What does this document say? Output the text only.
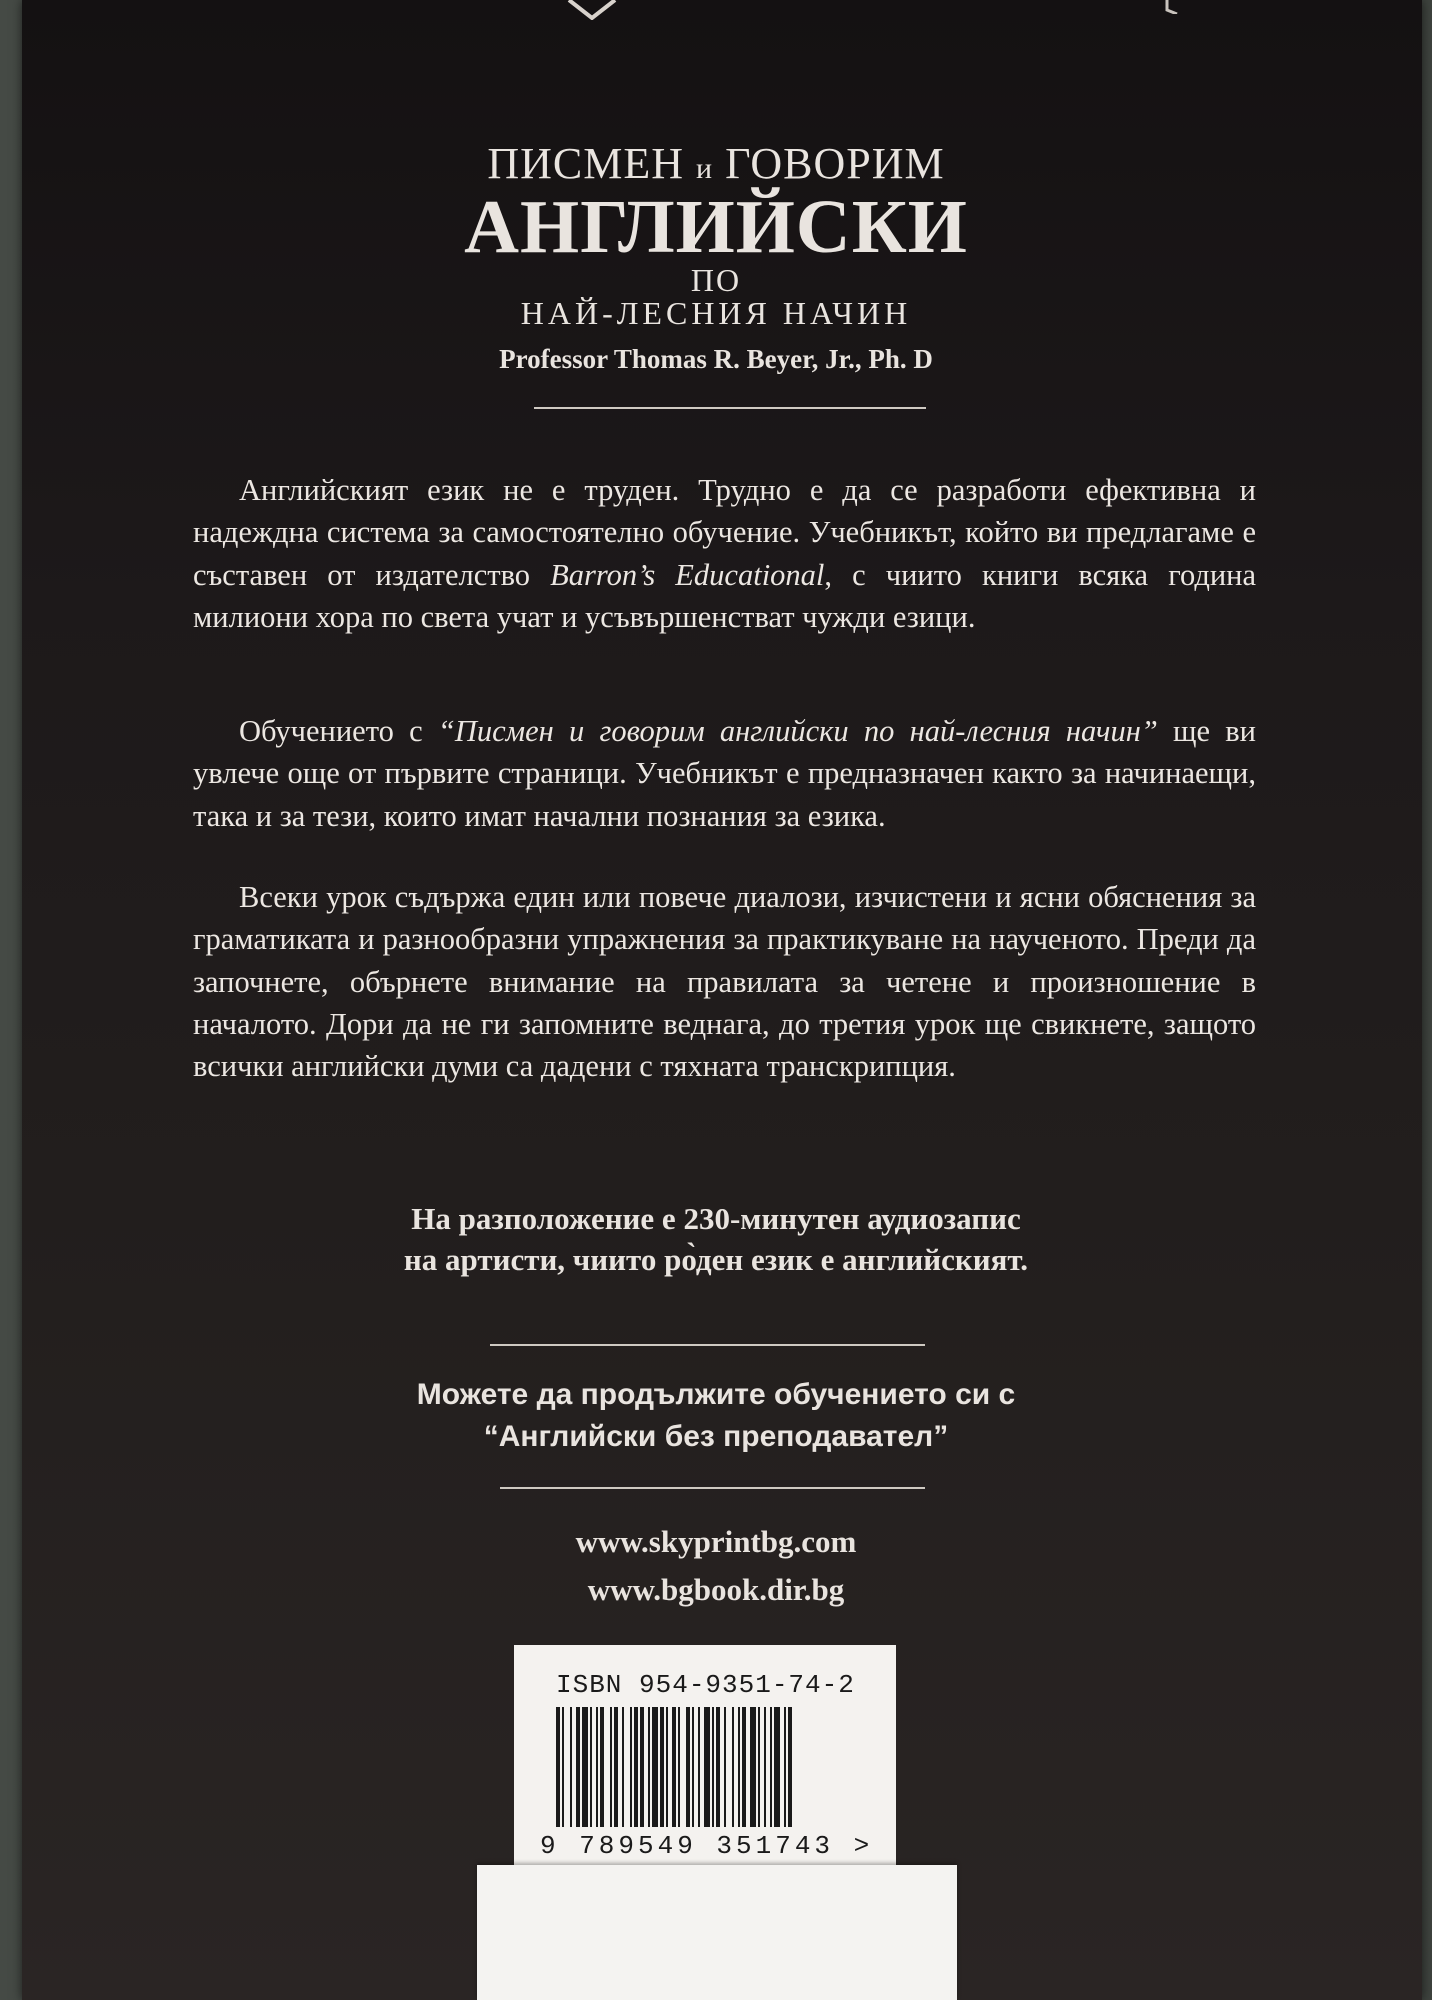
ПИСМЕН и ГОВОРИМ
АНГЛИЙСКИ
ПО
НАЙ-ЛЕСНИЯ НАЧИН
Professor Thomas R. Beyer, Jr., Ph. D

Английският език не е труден. Трудно е да се разработи ефективна и надеждна система за самостоятелно обучение. Учебникът, който ви предлагаме е съставен от издателство Barron’s Educational, с чиито книги всяка година милиони хора по света учат и усъвършенстват чужди езици.

Обучението с “Писмен и говорим английски по най-лесния начин” ще ви увлече още от първите страници. Учебникът е предназначен както за начинаещи, така и за тези, които имат начални познания за езика.

Всеки урок съдържа един или повече диалози, изчистени и ясни обяснения за граматиката и разнообразни упражнения за практикуване на наученото. Преди да започнете, обърнете внимание на правилата за четене и произношение в началото. Дори да не ги запомните веднага, до третия урок ще свикнете, защото всички английски думи са дадени с тяхната транскрипция.

На разположение е 230-минутен аудиозапис
на артисти, чиито ро̀ден език е английският.
Можете да продължите обучението си с
“Английски без преподавател”
www.skyprintbg.com
www.bgbook.dir.bg
ISBN 954-9351-74-2
9 789549 351743 >
